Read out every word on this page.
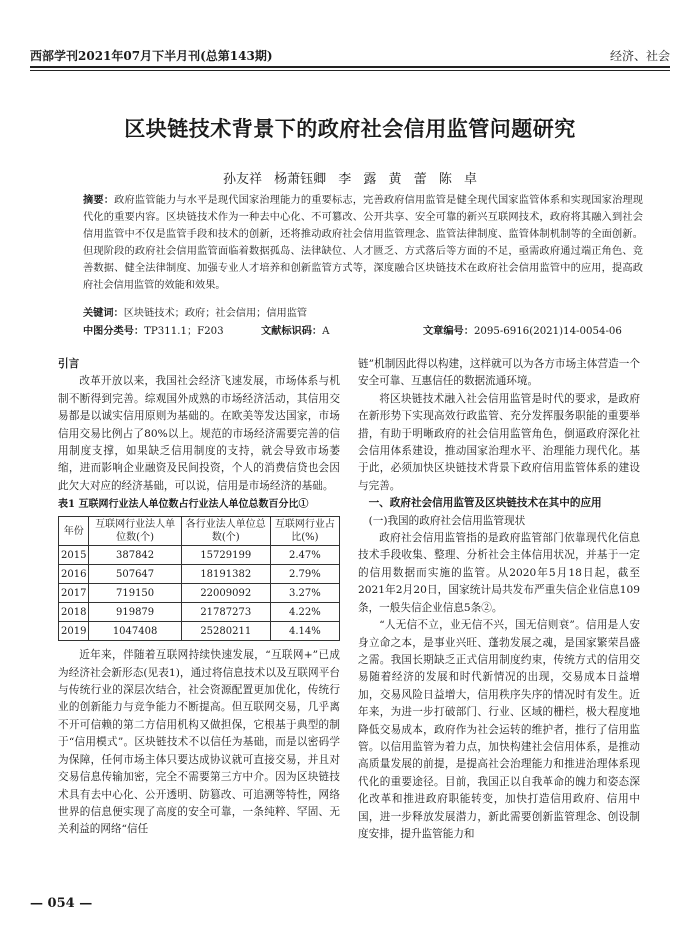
西部学刊2021年07月下半月刊(总第143期)	经济、社会
区块链技术背景下的政府社会信用监管问题研究
孙友祥 杨萧钰卿 李 露 黄 蕾 陈 卓
摘要：政府监管能力与水平是现代国家治理能力的重要标志，完善政府信用监管是健全现代国家监管体系和实现国家治理现代化的重要内容。区块链技术作为一种去中心化、不可篡改、公开共享、安全可靠的新兴互联网技术，政府将其融入到社会信用监管中不仅是监管手段和技术的创新，还将推动政府社会信用监管理念、监管法律制度、监管体制机制等的全面创新。但现阶段的政府社会信用监管面临着数据孤岛、法律缺位、人才匮乏、方式落后等方面的不足，亟需政府通过端正角色、竞善数据、健全法律制度、加强专业人才培养和创新监管方式等，深度融合区块链技术在政府社会信用监管中的应用，提高政府社会信用监管的效能和效果。
关键词：区块链技术；政府；社会信用；信用监管
中图分类号：TP311.1；F203	文献标识码：A	文章编号：2095-6916(2021)14-0054-06

引言

改革开放以来，我国社会经济飞速发展，市场体系与机制不断得到完善。综观国外成熟的市场经济活动，其信用交易都是以诚实信用原则为基础的。在欧美等发达国家，市场信用交易比例占了80%以上。规范的市场经济需要完善的信用制度支撑，如果缺乏信用制度的支持，就会导致市场萎缩，进而影响企业融资及民间投资，个人的消费信贷也会因此欠大对应的经济基础，可以说，信用是市场经济的基础。

表1 互联网行业法人单位数占行业法人单位总数百分比①
年份	互联网行业法人单位数(个)	各行业法人单位总数(个)	互联网行业占比(%)
2015	387842	15729199	2.47%
2016	507647	18191382	2.79%
2017	719150	22009092	3.27%
2018	919879	21787273	4.22%
2019	1047408	25280211	4.14%

近年来，伴随着互联网持续快速发展，“互联网+”已成为经济社会新形态(见表1)，通过将信息技术以及互联网平台与传统行业的深层次结合，社会资源配置更加优化，传统行业的创新能力与竞争能力不断提高。但互联网交易，几乎离不开可信赖的第二方信用机构又做担保，它根基于典型的制于“信用模式”。区块链技术不以信任为基础，而是以密码学为保障，任何市场主体只要达成协议就可直接交易，并且对交易信息传输加密，完全不需要第三方中介。因为区块链技术具有去中心化、公开透明、防篡改、可追溯等特性，网络世界的信息便实现了高度的安全可靠，一条纯粹、罕固、无关利益的网络“信任

链”机制因此得以构建，这样就可以为各方市场主体营造一个安全可靠、互惠信任的数据流通环境。

将区块链技术融入社会信用监管是时代的要求，是政府在新形势下实现高效行政监管、充分发挥服务职能的重要举措，有助于明晰政府的社会信用监管角色，倒逼政府深化社会信用体系建设，推动国家治理水平、治理能力现代化。基于此，必须加快区块链技术背景下政府信用监管体系的建设与完善。

一、政府社会信用监管及区块链技术在其中的应用

(一)我国的政府社会信用监管现状

政府社会信用监管指的是政府监管部门依靠现代化信息技术手段收集、整理、分析社会主体信用状况，并基于一定的信用数据而实施的监管。从2020年5月18日起，截至2021年2月20日，国家统计局共发布严重失信企业信息109条，一般失信企业信息5条②。

“人无信不立，业无信不兴，国无信则衰”。信用是人安身立命之本，是事业兴旺、蓬勃发展之魂，是国家繁荣昌盛之需。我国长期缺乏正式信用制度约束，传统方式的信用交易随着经济的发展和时代新情况的出现，交易成本日益增加，交易风险日益增大，信用秩序失序的情况时有发生。近年来，为进一步打破部门、行业、区域的栅栏，极大程度地降低交易成本，政府作为社会运转的维护者，推行了信用监管。以信用监管为着力点，加快构建社会信用体系，是推动高质量发展的前提，是提高社会治理能力和推进治理体系现代化的重要途径。目前，我国正以自我革命的魄力和姿态深化改革和推进政府职能转变，加快打造信用政府、信用中国，进一步释放发展潜力，新此需要创新监管理念、创设制度安排，提升监管能力和

— 054 —
